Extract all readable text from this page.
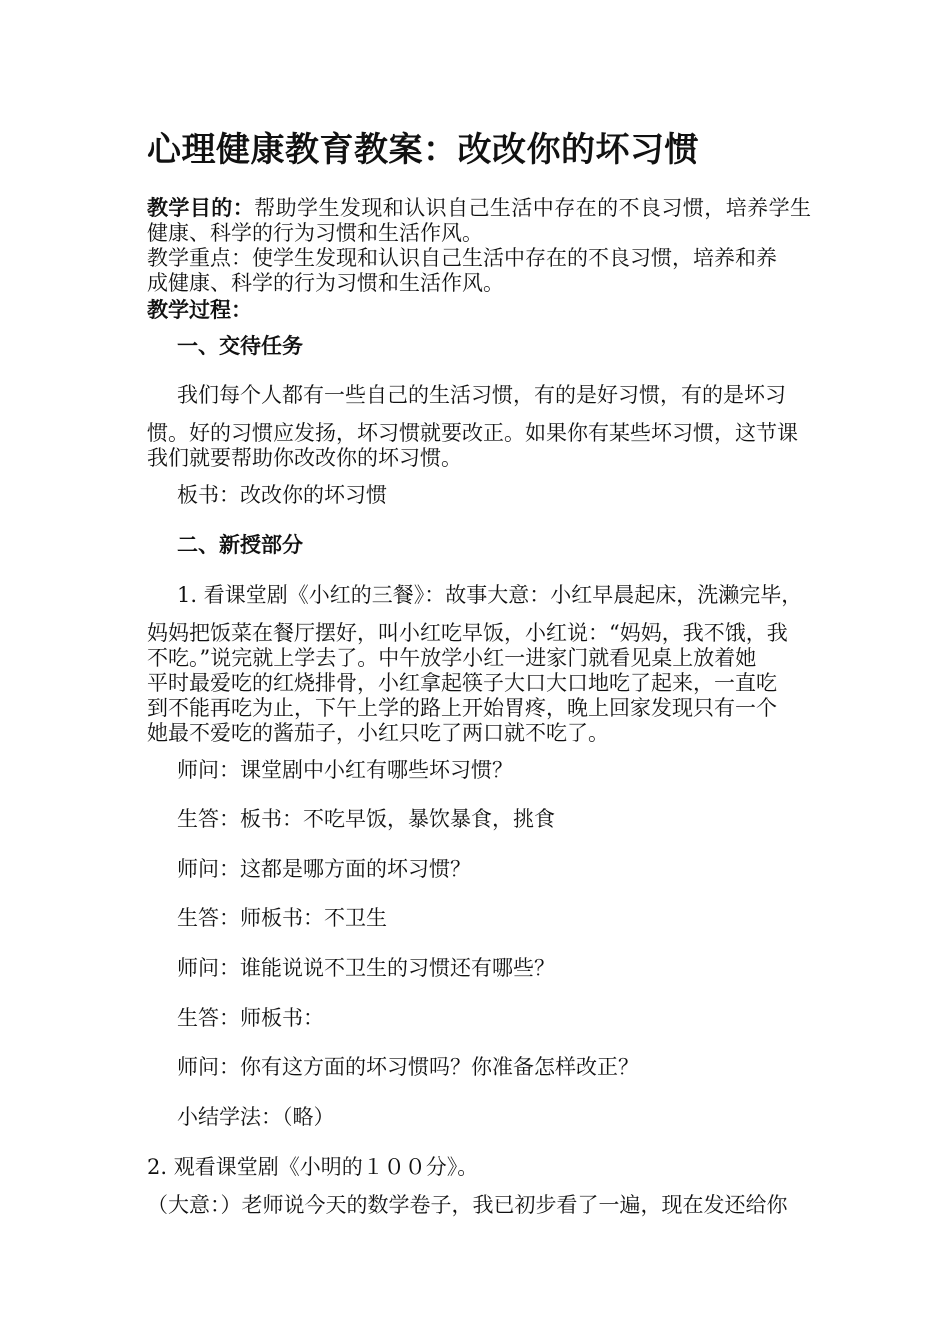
心理健康教育教案：改改你的坏习惯
教学目的：帮助学生发现和认识自己生活中存在的不良习惯，培养学生健康、科学的行为习惯和生活作风。
教学重点：使学生发现和认识自己生活中存在的不良习惯，培养和养
成健康、科学的行为习惯和生活作风。
教学过程：
一、交待任务
我们每个人都有一些自己的生活习惯，有的是好习惯，有的是坏习
惯。好的习惯应发扬，坏习惯就要改正。如果你有某些坏习惯，这节课
我们就要帮助你改改你的坏习惯。
板书：改改你的坏习惯
二、新授部分
1. 看课堂剧《小红的三餐》：故事大意：小红早晨起床，洗濑完毕，
妈妈把饭菜在餐厅摆好，叫小红吃早饭，小红说：“妈妈，我不饿，我
不吃。”说完就上学去了。中午放学小红一进家门就看见桌上放着她
平时最爱吃的红烧排骨，小红拿起筷子大口大口地吃了起来，一直吃
到不能再吃为止，下午上学的路上开始胃疼，晚上回家发现只有一个
她最不爱吃的酱茄子，小红只吃了两口就不吃了。
师问：课堂剧中小红有哪些坏习惯？
生答：板书：不吃早饭，暴饮暴食，挑食
师问：这都是哪方面的坏习惯？
生答：师板书：不卫生
师问：谁能说说不卫生的习惯还有哪些？
生答：师板书：
师问：你有这方面的坏习惯吗？你准备怎样改正？
小结学法：（略）
2. 观看课堂剧《小明的１００分》。
（大意：）老师说今天的数学卷子，我已初步看了一遍，现在发还给你
